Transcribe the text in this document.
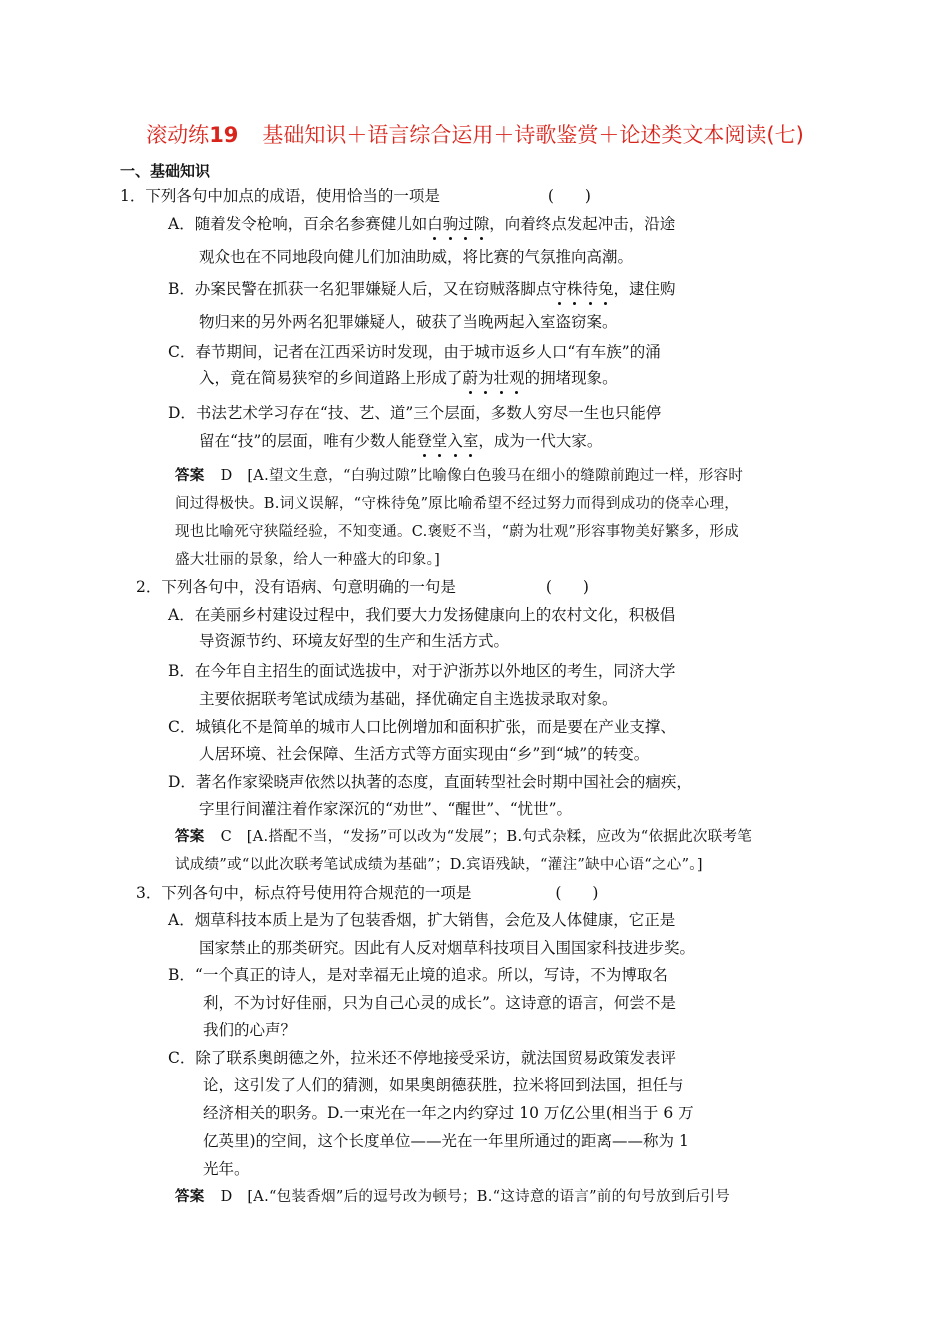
滚动练19 基础知识＋语言综合运用＋诗歌鉴赏＋论述类文本阅读(七)
一、基础知识
1．下列各句中加点的成语，使用恰当的一项是	(　　)
A．随着发令枪响，百余名参赛健儿如白驹过隙，向着终点发起冲击，沿途
观众也在不同地段向健儿们加油助威，将比赛的气氛推向高潮。
B．办案民警在抓获一名犯罪嫌疑人后，又在窃贼落脚点守株待兔，逮住购
物归来的另外两名犯罪嫌疑人，破获了当晚两起入室盗窃案。
C．春节期间，记者在江西采访时发现，由于城市返乡人口“有车族”的涌
入，竟在简易狭窄的乡间道路上形成了蔚为壮观的拥堵现象。
D．书法艺术学习存在“技、艺、道”三个层面，多数人穷尽一生也只能停
留在“技”的层面，唯有少数人能登堂入室，成为一代大家。
答案 D　[A.望文生意，“白驹过隙”比喻像白色骏马在细小的缝隙前跑过一样，形容时
间过得极快。B.词义误解，“守株待兔”原比喻希望不经过努力而得到成功的侥幸心理，
现也比喻死守狭隘经验，不知变通。C.褒贬不当，“蔚为壮观”形容事物美好繁多，形成
盛大壮丽的景象，给人一种盛大的印象。]
2．下列各句中，没有语病、句意明确的一句是	(　　)
A．在美丽乡村建设过程中，我们要大力发扬健康向上的农村文化，积极倡
导资源节约、环境友好型的生产和生活方式。
B．在今年自主招生的面试选拔中，对于沪浙苏以外地区的考生，同济大学
主要依据联考笔试成绩为基础，择优确定自主选拔录取对象。
C．城镇化不是简单的城市人口比例增加和面积扩张，而是要在产业支撑、
人居环境、社会保障、生活方式等方面实现由“乡”到“城”的转变。
D．著名作家梁晓声依然以执著的态度，直面转型社会时期中国社会的痼疾，
字里行间灌注着作家深沉的“劝世”、“醒世”、“忧世”。
答案 C　[A.搭配不当，“发扬”可以改为“发展”；B.句式杂糅，应改为“依据此次联考笔
试成绩”或“以此次联考笔试成绩为基础”；D.宾语残缺，“灌注”缺中心语“之心”。]
3．下列各句中，标点符号使用符合规范的一项是	(　　)
A．烟草科技本质上是为了包装香烟，扩大销售，会危及人体健康，它正是
国家禁止的那类研究。因此有人反对烟草科技项目入围国家科技进步奖。
B．“一个真正的诗人，是对幸福无止境的追求。所以，写诗，不为博取名
利，不为讨好佳丽，只为自己心灵的成长”。这诗意的语言，何尝不是
我们的心声？
C．除了联系奥朗德之外，拉米还不停地接受采访，就法国贸易政策发表评
论，这引发了人们的猜测，如果奥朗德获胜，拉米将回到法国，担任与
经济相关的职务。D.一束光在一年之内约穿过 10 万亿公里(相当于 6 万
亿英里)的空间，这个长度单位——光在一年里所通过的距离——称为 1
光年。
答案 D　[A.“包装香烟”后的逗号改为顿号；B.“这诗意的语言”前的句号放到后引号
